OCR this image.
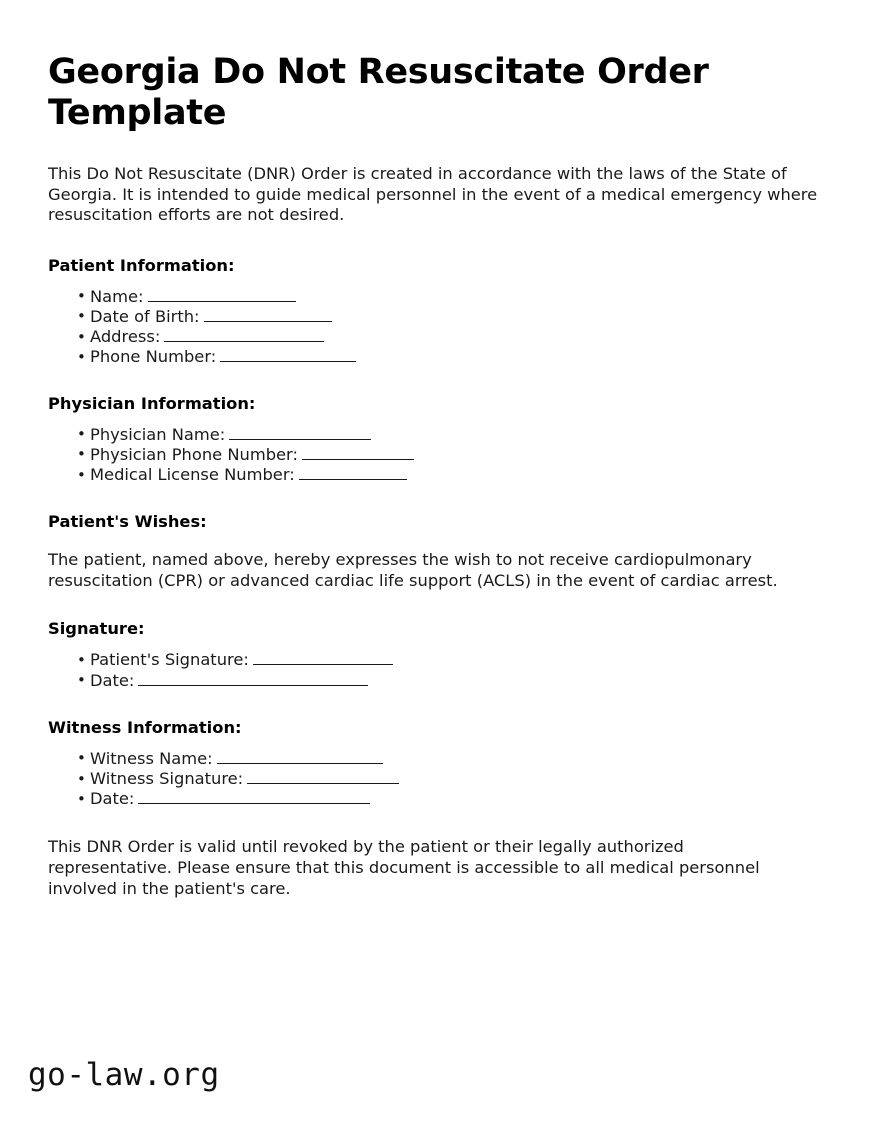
Georgia Do Not Resuscitate Order Template

This Do Not Resuscitate (DNR) Order is created in accordance with the laws of the State of Georgia. It is intended to guide medical personnel in the event of a medical emergency where resuscitation efforts are not desired.

Patient Information:
• Name:
• Date of Birth:
• Address:
• Phone Number:
Physician Information:
• Physician Name:
• Physician Phone Number:
• Medical License Number:
Patient's Wishes:

The patient, named above, hereby expresses the wish to not receive cardiopulmonary resuscitation (CPR) or advanced cardiac life support (ACLS) in the event of cardiac arrest.

Signature:
• Patient's Signature:
• Date:
Witness Information:
• Witness Name:
• Witness Signature:
• Date:

This DNR Order is valid until revoked by the patient or their legally authorized representative. Please ensure that this document is accessible to all medical personnel involved in the patient's care.

go-law.org
